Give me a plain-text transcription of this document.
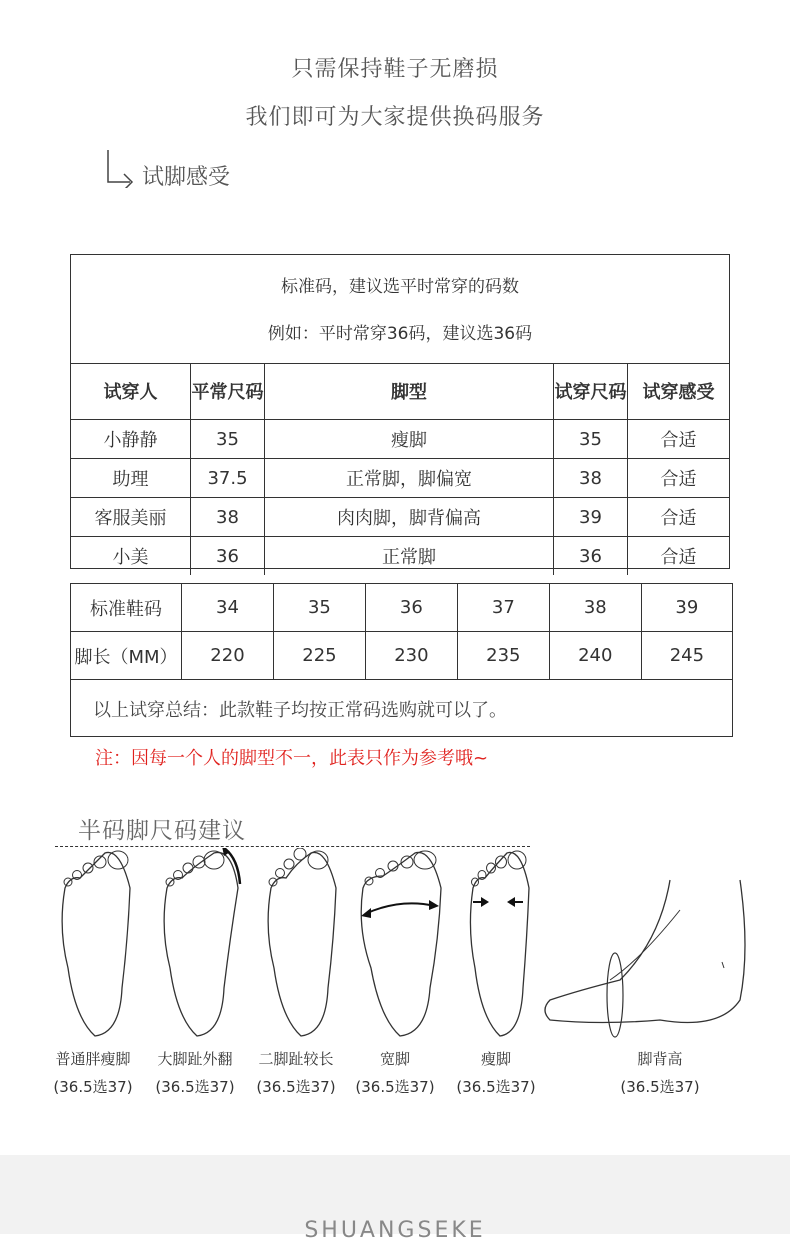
只需保持鞋子无磨损
我们即可为大家提供换码服务
试脚感受
标准码，建议选平时常穿的码数
例如：平时常穿36码，建议选36码
试穿人	平常尺码	脚型	试穿尺码	试穿感受
小静静	35	瘦脚	35	合适
助理	37.5	正常脚，脚偏宽	38	合适
客服美丽	38	肉肉脚，脚背偏高	39	合适
小美	36	正常脚	36	合适
标准鞋码	34	35	36	37	38	39
脚长（MM）	220	225	230	235	240	245
以上试穿总结：此款鞋子均按正常码选购就可以了。
注：因每一个人的脚型不一，此表只作为参考哦~
半码脚尺码建议
普通胖瘦脚
(36.5选37)
大脚趾外翻
(36.5选37)
二脚趾较长
(36.5选37)
宽脚
(36.5选37)
瘦脚
(36.5选37)
脚背高
(36.5选37)
SHUANGSEKE
